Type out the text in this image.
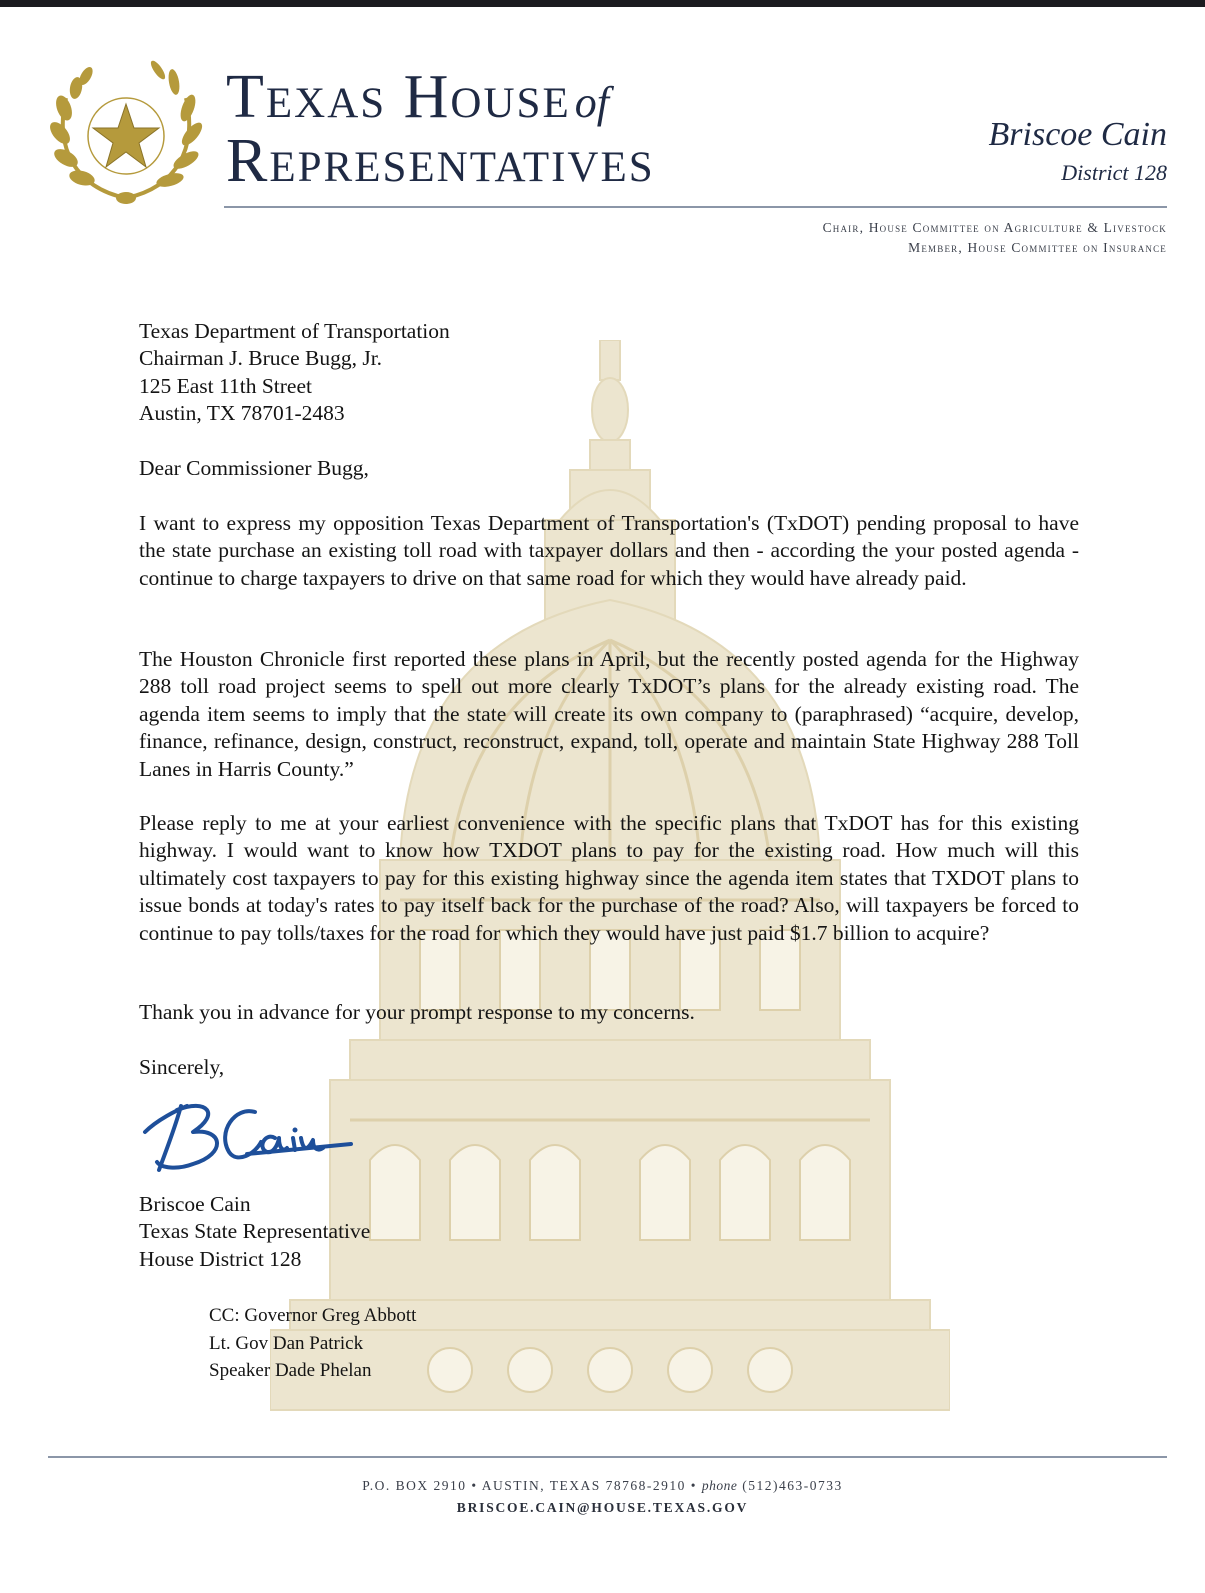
Texas Houseof
Representatives	Briscoe Cain
District 128
Chair, House Committee on Agriculture & Livestock
Member, House Committee on Insurance
Texas Department of Transportation
Chairman J. Bruce Bugg, Jr.
125 East 11th Street
Austin, TX 78701-2483
Dear Commissioner Bugg,
I want to express my opposition Texas Department of Transportation's (TxDOT) pending proposal to have the state purchase an existing toll road with taxpayer dollars and then - according the your posted agenda - continue to charge taxpayers to drive on that same road for which they would have already paid.
The Houston Chronicle first reported these plans in April, but the recently posted agenda for the Highway 288 toll road project seems to spell out more clearly TxDOT’s plans for the already existing road. The agenda item seems to imply that the state will create its own company to (paraphrased) “acquire, develop, finance, refinance, design, construct, reconstruct, expand, toll, operate and maintain State Highway 288 Toll Lanes in Harris County.”
Please reply to me at your earliest convenience with the specific plans that TxDOT has for this existing highway. I would want to know how TXDOT plans to pay for the existing road. How much will this ultimately cost taxpayers to pay for this existing highway since the agenda item states that TXDOT plans to issue bonds at today's rates to pay itself back for the purchase of the road? Also, will taxpayers be forced to continue to pay tolls/taxes for the road for which they would have just paid $1.7 billion to acquire?
Thank you in advance for your prompt response to my concerns.
Sincerely,
Briscoe Cain
Texas State Representative
House District 128
CC: Governor Greg Abbott
Lt. Gov Dan Patrick
Speaker Dade Phelan
P.O. BOX 2910 • AUSTIN, TEXAS 78768-2910 • phone (512)463-0733
BRISCOE.CAIN@HOUSE.TEXAS.GOV
